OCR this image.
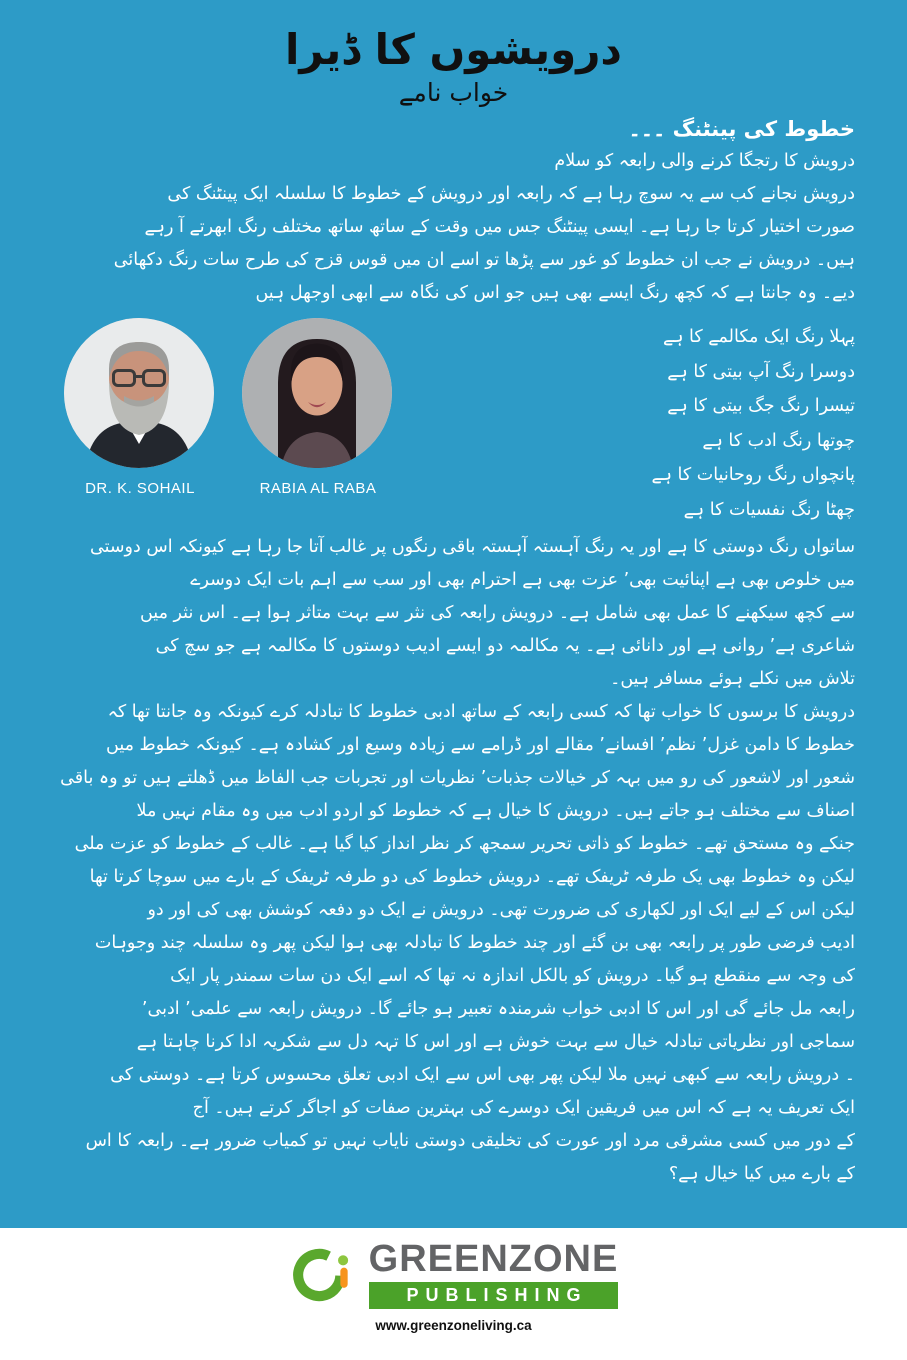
درویشوں کا ڈیرا
خواب نامے
خطوط کی پینٹنگ ۔۔۔
درویش کا رتجگا کرنے والی رابعہ کو سلام
درویش نجانے کب سے یہ سوچ رہا ہے کہ رابعہ اور درویش کے خطوط کا سلسلہ ایک پینٹنگ کی
صورت اختیار کرتا جا رہا ہے۔ ایسی پینٹنگ جس میں وقت کے ساتھ ساتھ مختلف رنگ ابھرتے آ رہے
ہیں۔ درویش نے جب ان خطوط کو غور سے پڑھا تو اسے ان میں قوس قزح کی طرح سات رنگ دکھائی
دیے۔ وہ جانتا ہے کہ کچھ رنگ ایسے بھی ہیں جو اس کی نگاہ سے ابھی اوجھل ہیں
DR. K. SOHAIL	RABIA AL RABA
پہلا رنگ ایک مکالمے کا ہے
دوسرا رنگ آپ بیتی کا ہے
تیسرا رنگ جگ بیتی کا ہے
چوتھا رنگ ادب کا ہے
پانچواں رنگ روحانیات کا ہے
چھٹا رنگ نفسیات کا ہے
ساتواں رنگ دوستی کا ہے اور یہ رنگ آہستہ آہستہ باقی رنگوں پر غالب آتا جا رہا ہے کیونکہ اس دوستی
میں خلوص بھی ہے اپنائیت بھی’ عزت بھی ہے احترام بھی اور سب سے اہم بات ایک دوسرے
سے کچھ سیکھنے کا عمل بھی شامل ہے۔ درویش رابعہ کی نثر سے بہت متاثر ہوا ہے۔ اس نثر میں
شاعری ہے’ روانی ہے اور دانائی ہے۔ یہ مکالمہ دو ایسے ادیب دوستوں کا مکالمہ ہے جو سچ کی
تلاش میں نکلے ہوئے مسافر ہیں۔
درویش کا برسوں کا خواب تھا کہ کسی رابعہ کے ساتھ ادبی خطوط کا تبادلہ کرے کیونکہ وہ جانتا تھا کہ
خطوط کا دامن غزل’ نظم’ افسانے’ مقالے اور ڈرامے سے زیادہ وسیع اور کشادہ ہے۔ کیونکہ خطوط میں
شعور اور لاشعور کی رو میں بہہ کر خیالات جذبات’ نظریات اور تجربات جب الفاظ میں ڈھلتے ہیں تو وہ باقی
اصناف سے مختلف ہو جاتے ہیں۔ درویش کا خیال ہے کہ خطوط کو اردو ادب میں وہ مقام نہیں ملا
جنکے وہ مستحق تھے۔ خطوط کو ذاتی تحریر سمجھ کر نظر انداز کیا گیا ہے۔ غالب کے خطوط کو عزت ملی
لیکن وہ خطوط بھی یک طرفہ ٹریفک تھے۔ درویش خطوط کی دو طرفہ ٹریفک کے بارے میں سوچا کرتا تھا
لیکن اس کے لیے ایک اور لکھاری کی ضرورت تھی۔ درویش نے ایک دو دفعہ کوشش بھی کی اور دو
ادیب فرضی طور پر رابعہ بھی بن گئے اور چند خطوط کا تبادلہ بھی ہوا لیکن پھر وہ سلسلہ چند وجوہات
کی وجہ سے منقطع ہو گیا۔ درویش کو بالکل اندازہ نہ تھا کہ اسے ایک دن سات سمندر پار ایک
رابعہ مل جائے گی اور اس کا ادبی خواب شرمندہ تعبیر ہو جائے گا۔ درویش رابعہ سے علمی’ ادبی’
سماجی اور نظریاتی تبادلہ خیال سے بہت خوش ہے اور اس کا تہہ دل سے شکریہ ادا کرنا چاہتا ہے
۔ درویش رابعہ سے کبھی نہیں ملا لیکن پھر بھی اس سے ایک ادبی تعلق محسوس کرتا ہے۔ دوستی کی
ایک تعریف یہ ہے کہ اس میں فریقین ایک دوسرے کی بہترین صفات کو اجاگر کرتے ہیں۔ آج
کے دور میں کسی مشرقی مرد اور عورت کی تخلیقی دوستی نایاب نہیں تو کمیاب ضرور ہے۔ رابعہ کا اس
کے بارے میں کیا خیال ہے؟
GREENZONE
PUBLISHING
www.greenzoneliving.ca
